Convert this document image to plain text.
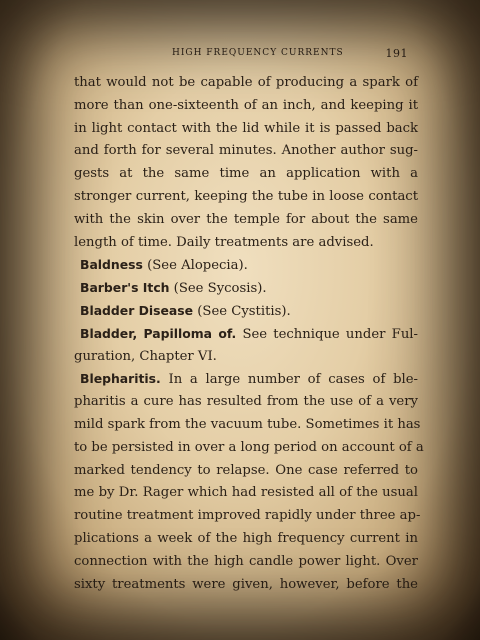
HIGH FREQUENCY CURRENTS	191
that would not be capable of producing a spark of
more than one-sixteenth of an inch, and keeping it
in light contact with the lid while it is passed back
and forth for several minutes. Another author sug-
gests at the same time an application with a
stronger current, keeping the tube in loose contact
with the skin over the temple for about the same
length of time. Daily treatments are advised.
Baldness (See Alopecia).
Barber's Itch (See Sycosis).
Bladder Disease (See Cystitis).
Bladder, Papilloma of. See technique under Ful-
guration, Chapter VI.
Blepharitis. In a large number of cases of ble-
pharitis a cure has resulted from the use of a very
mild spark from the vacuum tube. Sometimes it has
to be persisted in over a long period on account of a
marked tendency to relapse. One case referred to
me by Dr. Rager which had resisted all of the usual
routine treatment improved rapidly under three ap-
plications a week of the high frequency current in
connection with the high candle power light. Over
sixty treatments were given, however, before the
